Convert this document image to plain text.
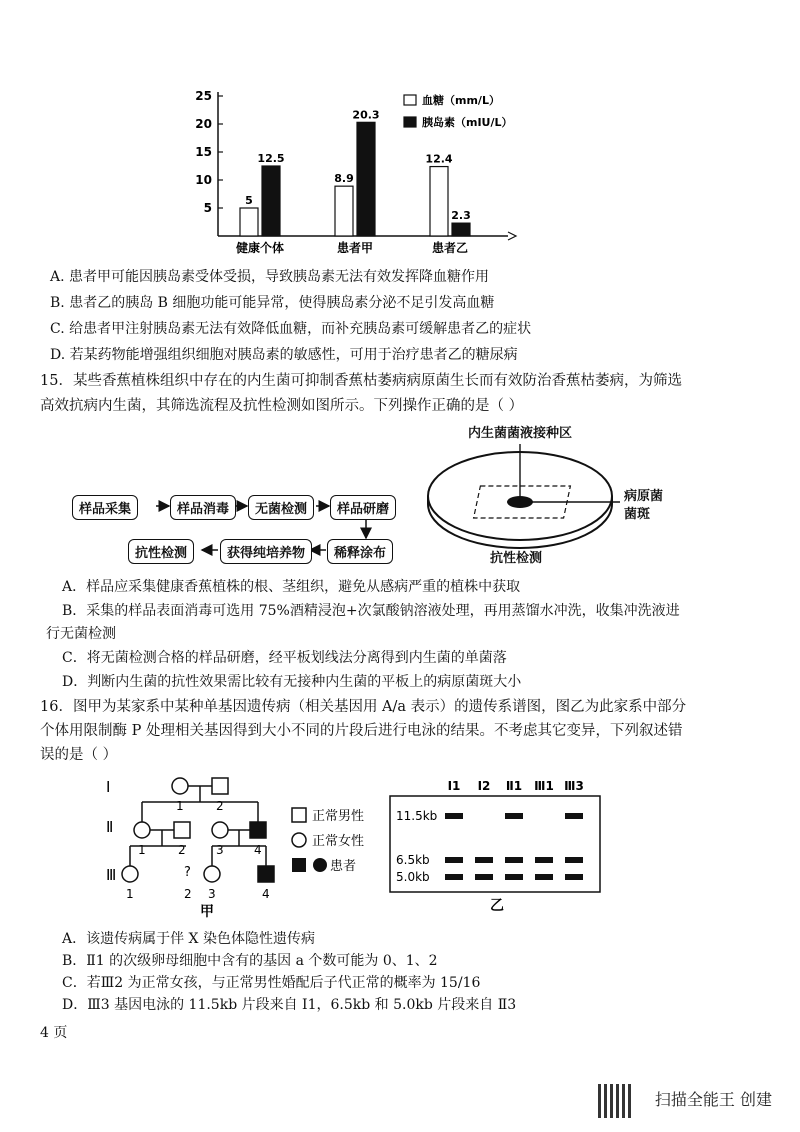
5
10
15
20
25
5
12.5
健康个体
8.9
20.3
患者甲
12.4
2.3
患者乙
血糖（mm/L）
胰岛素（mIU/L）
A. 患者甲可能因胰岛素受体受损，导致胰岛素无法有效发挥降血糖作用
B. 患者乙的胰岛 B 细胞功能可能异常，使得胰岛素分泌不足引发高血糖
C. 给患者甲注射胰岛素无法有效降低血糖，而补充胰岛素可缓解患者乙的症状
D. 若某药物能增强组织细胞对胰岛素的敏感性，可用于治疗患者乙的糖尿病
15．某些香蕉植株组织中存在的内生菌可抑制香蕉枯萎病病原菌生长而有效防治香蕉枯萎病，为筛选
高效抗病内生菌，其筛选流程及抗性检测如图所示。下列操作正确的是（ ）
样品采集	样品消毒	无菌检测	样品研磨
稀释涂布
获得纯培养物
抗性检测
内生菌菌液接种区
病原菌
菌斑
抗性检测
A．样品应采集健康香蕉植株的根、茎组织，避免从感病严重的植株中获取
B．采集的样品表面消毒可选用 75%酒精浸泡+次氯酸钠溶液处理，再用蒸馏水冲洗，收集冲洗液进
行无菌检测
C．将无菌检测合格的样品研磨，经平板划线法分离得到内生菌的单菌落
D．判断内生菌的抗性效果需比较有无接种内生菌的平板上的病原菌斑大小
16．图甲为某家系中某种单基因遗传病（相关基因用 A/a 表示）的遗传系谱图，图乙为此家系中部分
个体用限制酶 P 处理相关基因得到大小不同的片段后进行电泳的结果。不考虑其它变异，下列叙述错
误的是（ ）
Ⅰ
Ⅱ
Ⅲ
1	2
1	2	3	4
?
1	2 3	4
正常男性
正常女性
患者
甲
Ⅰ1 Ⅰ2 Ⅱ1 Ⅲ1 Ⅲ3
11.5kb
6.5kb
5.0kb
乙
A．该遗传病属于伴 X 染色体隐性遗传病
B．Ⅱ1 的次级卵母细胞中含有的基因 a 个数可能为 0、1、2
C．若Ⅲ2 为正常女孩，与正常男性婚配后子代正常的概率为 15/16
D．Ⅲ3 基因电泳的 11.5kb 片段来自 Ⅰ1，6.5kb 和 5.0kb 片段来自 Ⅱ3
4 页
扫描全能王 创建
